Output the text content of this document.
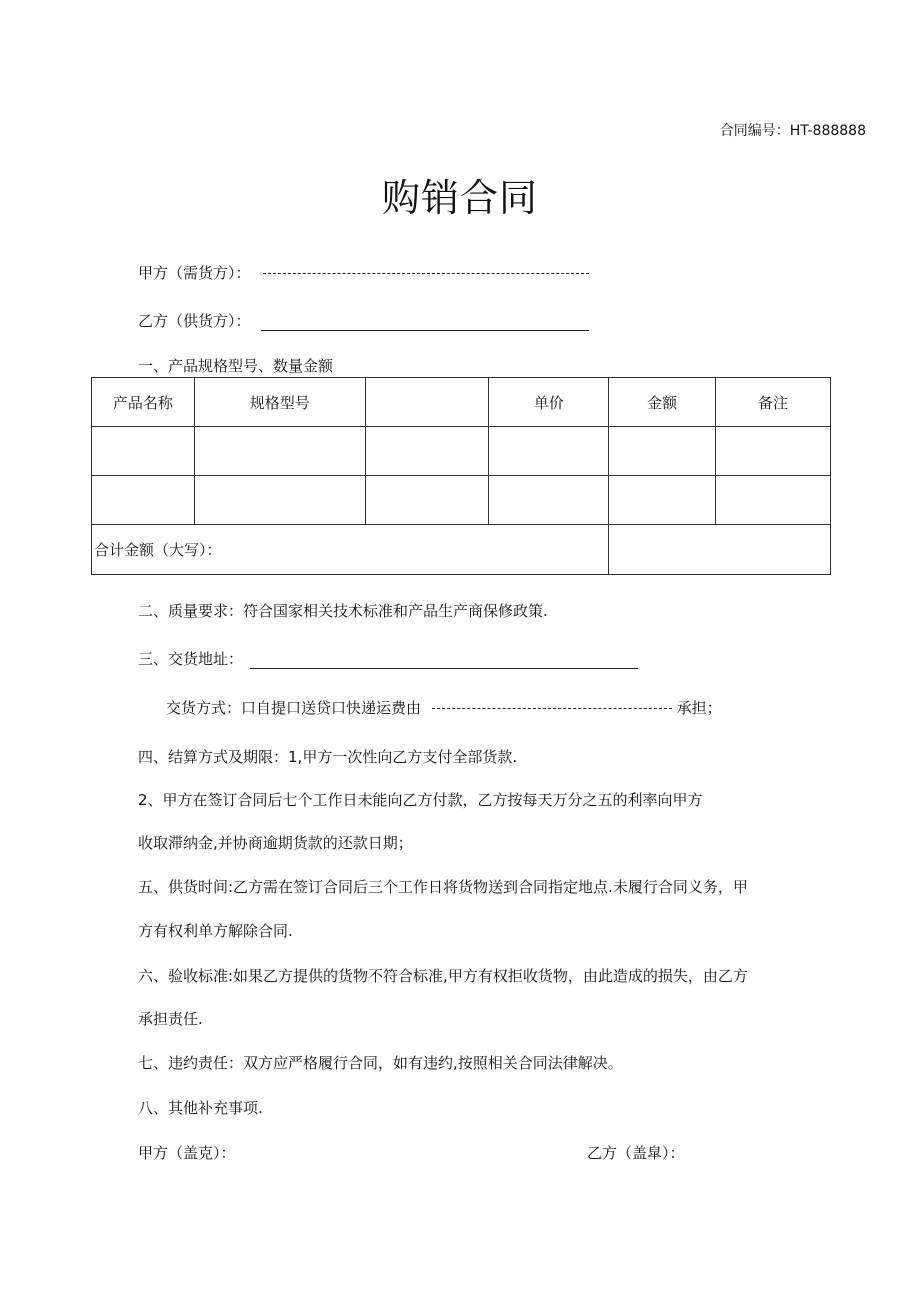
合同编号：HT-888888
购销合同
甲方（需货方）：
乙方（供货方）：
一、产品规格型号、数量金额
产品名称	规格型号		单价	金额	备注

合计金额（大写）：					
二、质量要求：符合国家相关技术标准和产品生产商保修政策.
三、交货地址：
交货方式：口自提口送贷口快递运费由	承担；
四、结算方式及期限：1,甲方一次性向乙方支付全部货款.
2、甲方在签订合同后七个工作日未能向乙方付款，乙方按每天万分之五的利率向甲方
收取滞纳金,并协商逾期货款的还款日期；
五、供货时间:乙方需在签订合同后三个工作日将货物送到合同指定地点.未履行合同义务，甲
方有权利单方解除合同.
六、验收标准:如果乙方提供的货物不符合标准,甲方有权拒收货物，由此造成的损失，由乙方
承担责任.
七、违约责任：双方应严格履行合同，如有违约,按照相关合同法律解决。
八、其他补充事项.
甲方（盖克）：	乙方（盖皐）：
